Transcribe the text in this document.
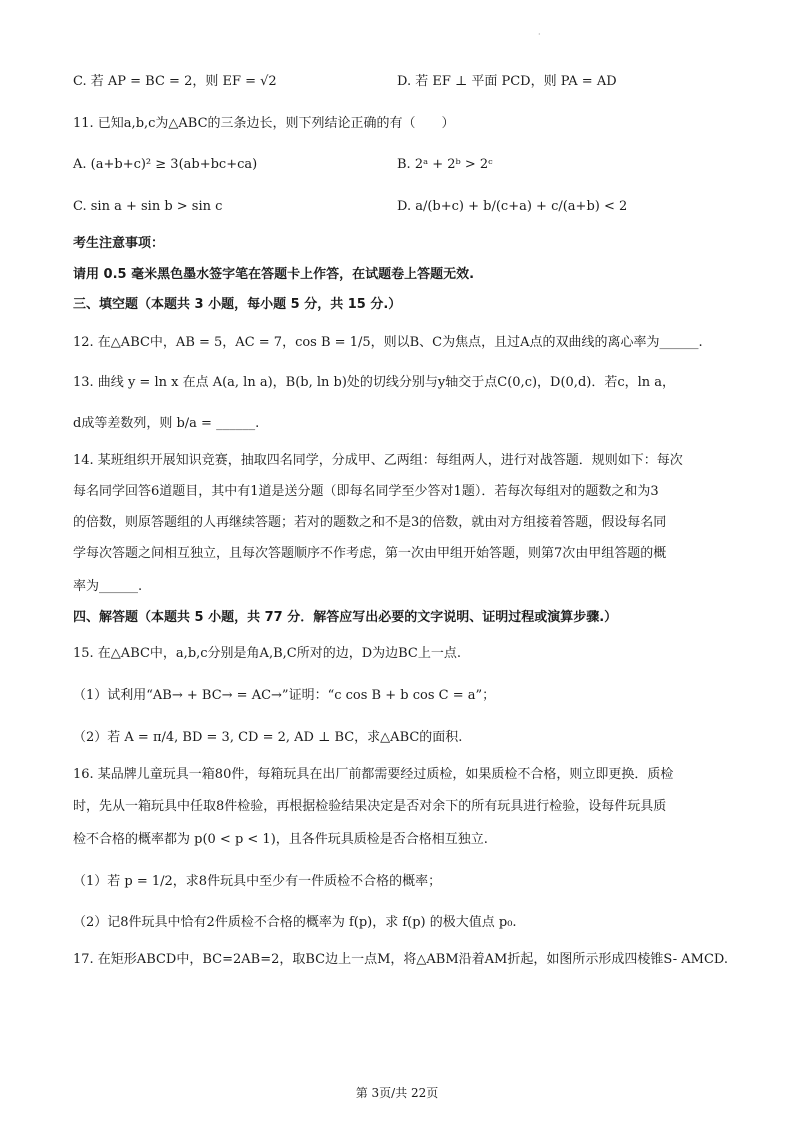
·
C. 若 AP = BC = 2，则 EF = √2	D. 若 EF ⊥ 平面 PCD，则 PA = AD
11. 已知a,b,c为△ABC的三条边长，则下列结论正确的有（　　）
A. (a+b+c)² ≥ 3(ab+bc+ca)	B. 2ᵃ + 2ᵇ > 2ᶜ
C. sin a + sin b > sin c	D. a/(b+c) + b/(c+a) + c/(a+b) < 2
考生注意事项：
请用 0.5 毫米黑色墨水签字笔在答题卡上作答，在试题卷上答题无效.
三、填空题（本题共 3 小题，每小题 5 分，共 15 分.）
12. 在△ABC中，AB = 5，AC = 7，cos B = 1/5，则以B、C为焦点，且过A点的双曲线的离心率为______.
13. 曲线 y = ln x 在点 A(a, ln a)，B(b, ln b)处的切线分别与y轴交于点C(0,c)，D(0,d)．若c，ln a，
d成等差数列，则 b/a = ______.
14. 某班组织开展知识竞赛，抽取四名同学，分成甲、乙两组：每组两人，进行对战答题．规则如下：每次
每名同学回答6道题目，其中有1道是送分题（即每名同学至少答对1题）．若每次每组对的题数之和为3
的倍数，则原答题组的人再继续答题；若对的题数之和不是3的倍数，就由对方组接着答题，假设每名同
学每次答题之间相互独立，且每次答题顺序不作考虑，第一次由甲组开始答题，则第7次由甲组答题的概
率为______.
四、解答题（本题共 5 小题，共 77 分．解答应写出必要的文字说明、证明过程或演算步骤.）
15. 在△ABC中，a,b,c分别是角A,B,C所对的边，D为边BC上一点.
（1）试利用“AB→ + BC→ = AC→”证明：“c cos B + b cos C = a”；
（2）若 A = π/4, BD = 3, CD = 2, AD ⊥ BC，求△ABC的面积.
16. 某品牌儿童玩具一箱80件，每箱玩具在出厂前都需要经过质检，如果质检不合格，则立即更换．质检
时，先从一箱玩具中任取8件检验，再根据检验结果决定是否对余下的所有玩具进行检验，设每件玩具质
检不合格的概率都为 p(0 < p < 1)，且各件玩具质检是否合格相互独立.
（1）若 p = 1/2，求8件玩具中至少有一件质检不合格的概率；
（2）记8件玩具中恰有2件质检不合格的概率为 f(p)，求 f(p) 的极大值点 p₀.
17. 在矩形ABCD中，BC=2AB=2，取BC边上一点M，将△ABM沿着AM折起，如图所示形成四棱锥S- AMCD.
第 3页/共 22页
